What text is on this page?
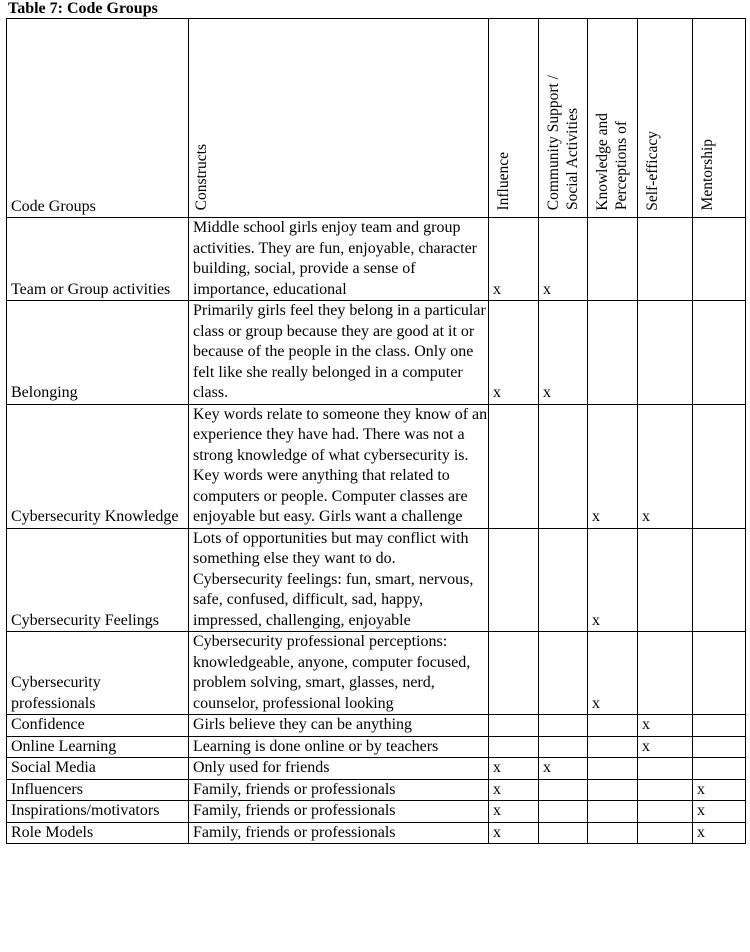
Table 7: Code Groups
Code Groups	Constructs	Influence	Community Support / Social Activities	Knowledge and Perceptions of	Self-efficacy	Mentorship
Team or Group activities	Middle school girls enjoy team and group activities. They are fun, enjoyable, character building, social, provide a sense of importance, educational	x	x			
Belonging	Primarily girls feel they belong in a particular class or group because they are good at it or because of the people in the class. Only one felt like she really belonged in a computer class.	x	x			
Cybersecurity Knowledge	Key words relate to someone they know of an experience they have had. There was not a strong knowledge of what cybersecurity is. Key words were anything that related to computers or people. Computer classes are enjoyable but easy. Girls want a challenge			x	x	
Cybersecurity Feelings	Lots of opportunities but may conflict with something else they want to do. Cybersecurity feelings: fun, smart, nervous, safe, confused, difficult, sad, happy, impressed, challenging, enjoyable			x		
Cybersecurity professionals	Cybersecurity professional perceptions: knowledgeable, anyone, computer focused, problem solving, smart, glasses, nerd, counselor, professional looking			x		
Confidence	Girls believe they can be anything				x	
Online Learning	Learning is done online or by teachers				x	
Social Media	Only used for friends	x	x			
Influencers	Family, friends or professionals	x				x
Inspirations/motivators	Family, friends or professionals	x				x
Role Models	Family, friends or professionals	x				x
